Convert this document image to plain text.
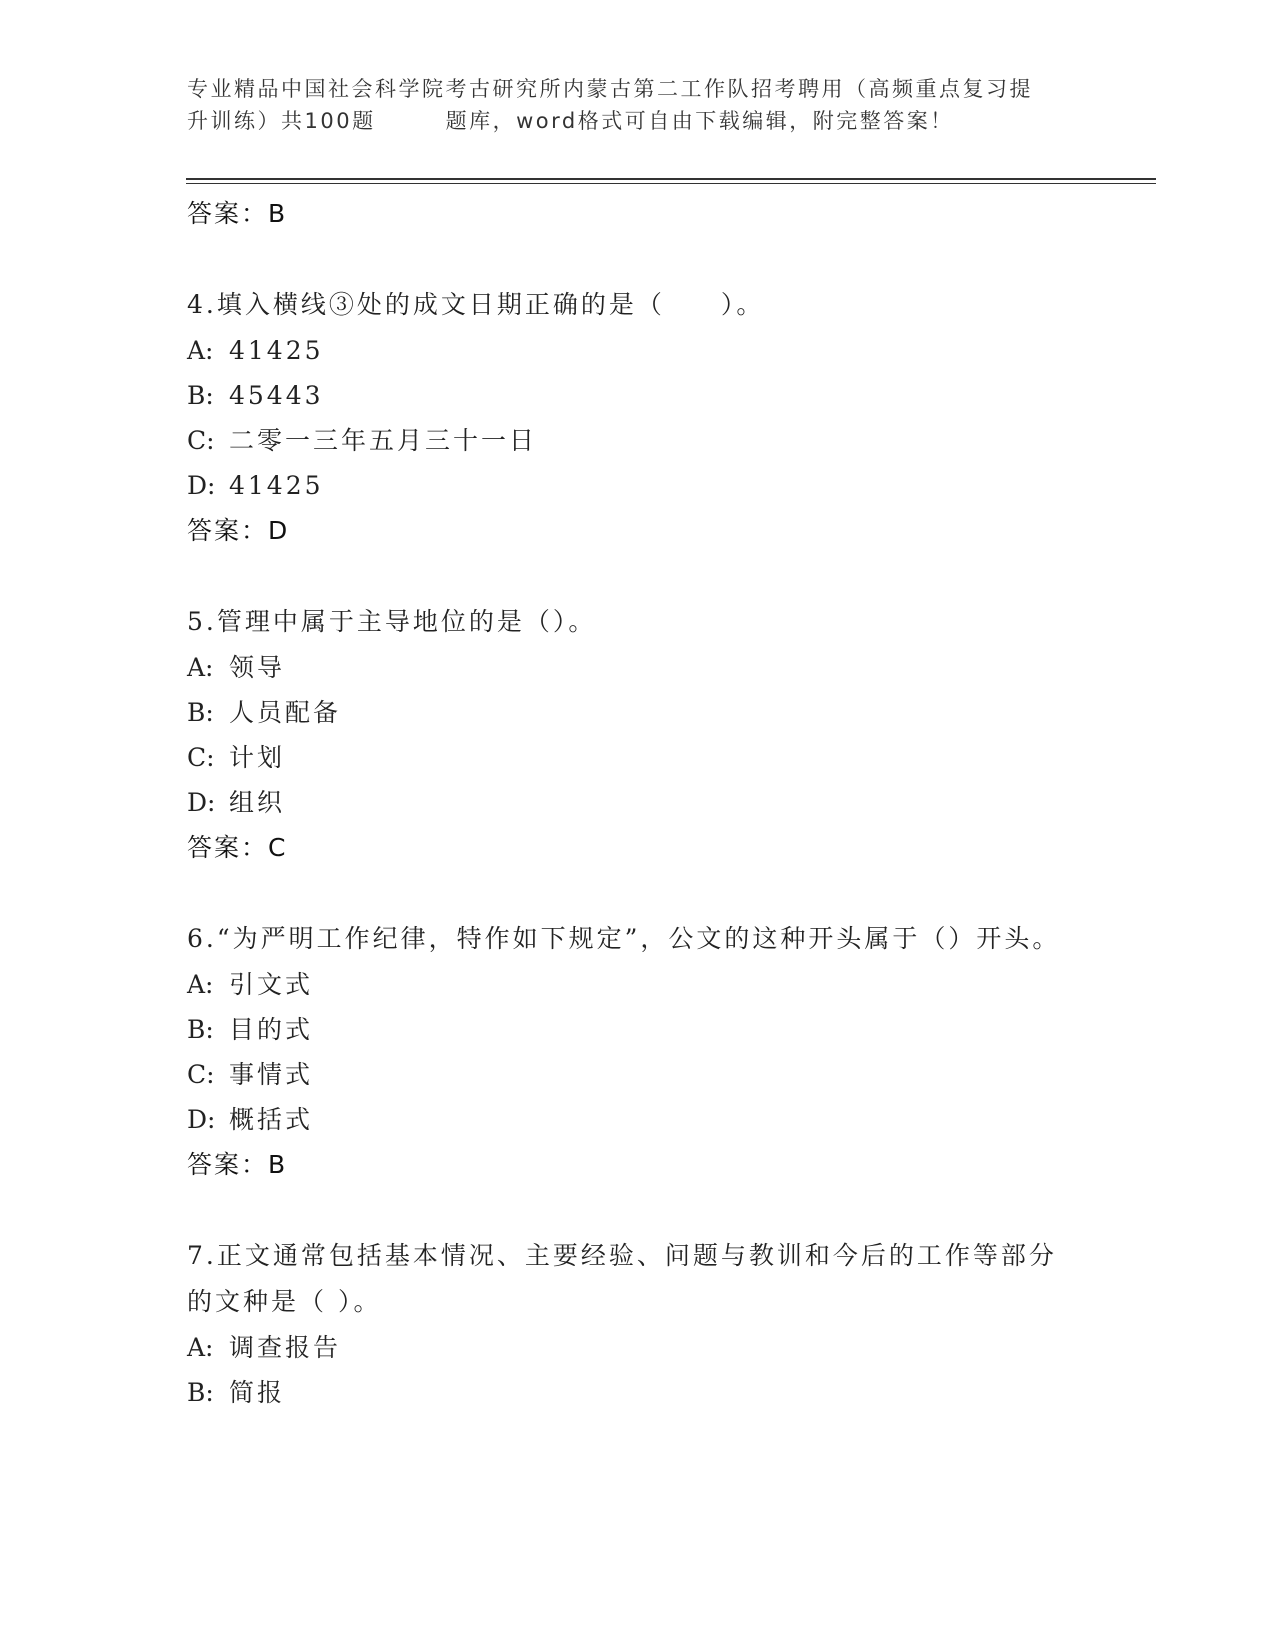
专业精品中国社会科学院考古研究所内蒙古第二工作队招考聘用（高频重点复习提
升训练）共100题	题库，word格式可自由下载编辑，附完整答案！
答案：B
4.填入横线③处的成文日期正确的是（　　）。
A: 41425
B: 45443
C: 二零一三年五月三十一日
D: 41425
答案：D
5.管理中属于主导地位的是（）。
A: 领导
B: 人员配备
C: 计划
D: 组织
答案：C
6.“为严明工作纪律，特作如下规定”，公文的这种开头属于（）开头。
A: 引文式
B: 目的式
C: 事情式
D: 概括式
答案：B
7.正文通常包括基本情况、主要经验、问题与教训和今后的工作等部分的文种是（ ）。
A: 调查报告
B: 简报
